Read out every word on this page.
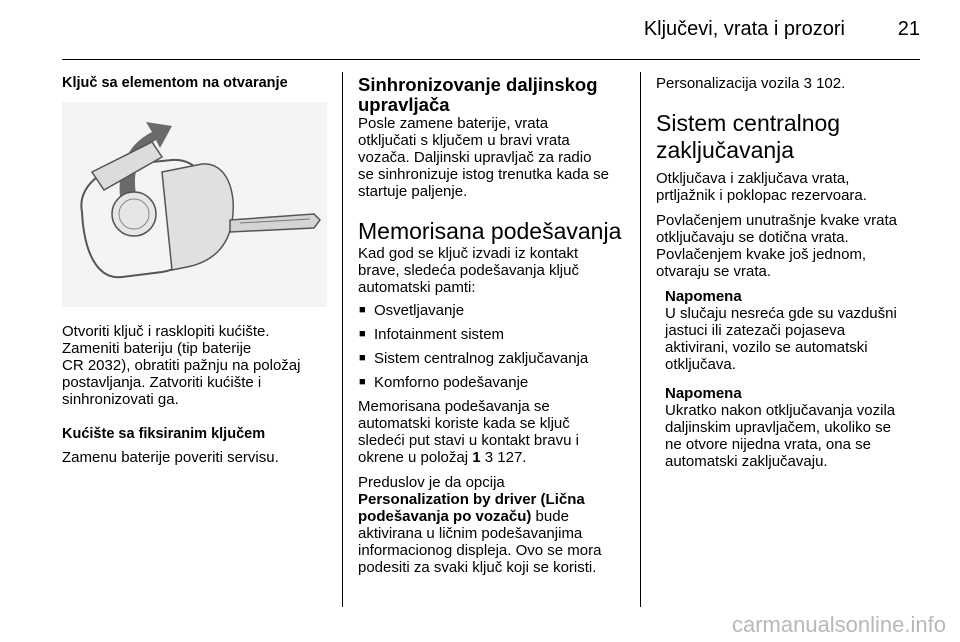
Ključevi, vrata i prozori	21

Ključ sa elementom na otvaranje

Otvoriti ključ i rasklopiti kućište.
Zameniti bateriju (tip baterije
CR 2032), obratiti pažnju na položaj
postavljanja. Zatvoriti kućište i
sinhronizovati ga.

Kućište sa fiksiranim ključem

Zamenu baterije poveriti servisu.

Sinhronizovanje daljinskog
upravljača

Posle zamene baterije, vrata
otključati s ključem u bravi vrata
vozača. Daljinski upravljač za radio
se sinhronizuje istog trenutka kada se
startuje paljenje.

Memorisana podešavanja

Kad god se ključ izvadi iz kontakt
brave, sledeća podešavanja ključ
automatski pamti:

■ Osvetljavanje
■ Infotainment sistem
■ Sistem centralnog zaključavanja
■ Komforno podešavanje

Memorisana podešavanja se
automatski koriste kada se ključ
sledeći put stavi u kontakt bravu i
okrene u položaj 1 3 127.

Preduslov je da opcija
Personalization by driver (Lična
podešavanja po vozaču) bude
aktivirana u ličnim podešavanjima
informacionog displeja. Ovo se mora
podesiti za svaki ključ koji se koristi.

Personalizacija vozila 3 102.

Sistem centralnog
zaključavanja

Otključava i zaključava vrata,
prtljažnik i poklopac rezervoara.

Povlačenjem unutrašnje kvake vrata
otključavaju se dotična vrata.
Povlačenjem kvake još jednom,
otvaraju se vrata.

Napomena

U slučaju nesreća gde su vazdušni
jastuci ili zatezači pojaseva
aktivirani, vozilo se automatski
otključava.

Napomena

Ukratko nakon otključavanja vozila
daljinskim upravljačem, ukoliko se
ne otvore nijedna vrata, ona se
automatski zaključavaju.

carmanualsonline.info
